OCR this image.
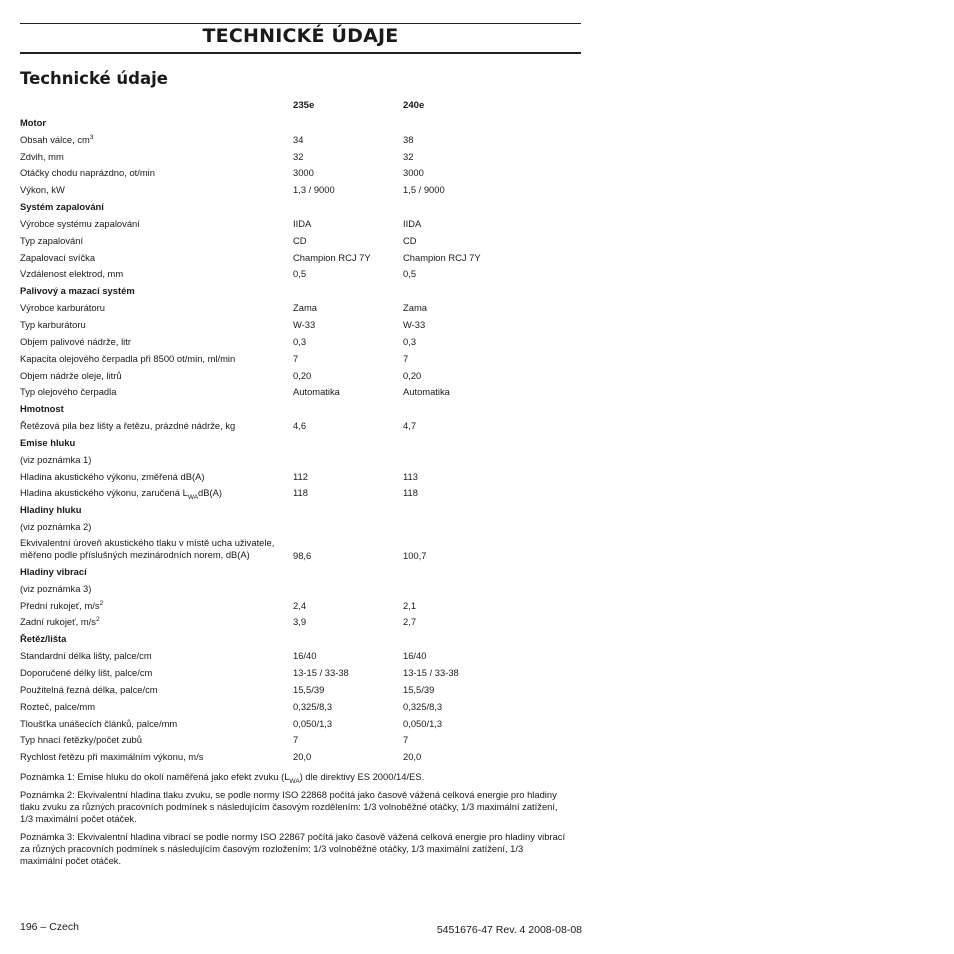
TECHNICKÉ ÚDAJE
Technické údaje
235e	240e
Motor
Obsah válce, $cm^3$	34	38
Zdvih, mm	32	32
Otáčky chodu naprázdno, ot/min	3000	3000
Výkon, kW	1,3 / 9000	1,5 / 9000
Systém zapalování
Výrobce systému zapalování	IIDA	IIDA
Typ zapalování	CD	CD
Zapalovací svíčka	Champion RCJ 7Y	Champion RCJ 7Y
Vzdálenost elektrod, mm	0,5	0,5
Palivový a mazací systém
Výrobce karburátoru	Zama	Zama
Typ karburátoru	W-33	W-33
Objem palivové nádrže, litr	0,3	0,3
Kapacita olejového čerpadla při 8500 ot/min, ml/min	7	7
Objem nádrže oleje, litrů	0,20	0,20
Typ olejového čerpadla	Automatika	Automatika
Hmotnost
Řetězová pila bez lišty a řetězu, prázdné nádrže, kg	4,6	4,7
Emise hluku
(viz poznámka 1)
Hladina akustického výkonu, změřená dB(A)	112	113
Hladina akustického výkonu, zaručená $L_{WA}dB(A)$	118	118
Hladiny hluku
(viz poznámka 2)
Ekvivalentní úroveň akustického tlaku v místě ucha uživatele,
měřeno podle příslušných mezinárodních norem, dB(A)	98,6	100,7
Hladiny vibrací
(viz poznámka 3)
Přední rukojeť, $m/s^2$	2,4	2,1
Zadní rukojeť, $m/s^2$	3,9	2,7
Řetěz/lišta
Standardní délka lišty, palce/cm	16/40	16/40
Doporučené délky lišt, palce/cm	13-15 / 33-38	13-15 / 33-38
Použitelná řezná délka, palce/cm	15,5/39	15,5/39
Rozteč, palce/mm	0,325/8,3	0,325/8,3
Tloušťka unášecích článků, palce/mm	0,050/1,3	0,050/1,3
Typ hnací řetězky/počet zubů	7	7
Rychlost řetězu při maximálním výkonu, m/s	20,0	20,0
Poznámka 1: Emise hluku do okolí naměřená jako efekt zvuku $(L_{WA})$ dle direktivy ES 2000/14/ES.
Poznámka 2: Ekvivalentní hladina tlaku zvuku, se podle normy ISO 22868 počítá jako časově vážená celková energie pro hladiny
tlaku zvuku za různých pracovních podmínek s následujícím časovým rozdělením: 1/3 volnoběžné otáčky, 1/3 maximální zatížení,
1/3 maximální počet otáček.
Poznámka 3: Ekvivalentní hladina vibrací se podle normy ISO 22867 počítá jako časově vážená celková energie pro hladiny vibrací
za různých pracovních podmínek s následujícím časovým rozložením: 1/3 volnoběžné otáčky, 1/3 maximální zatížení, 1/3
maximální počet otáček.
196 – Czech	5451676-47 Rev. 4 2008-08-08
